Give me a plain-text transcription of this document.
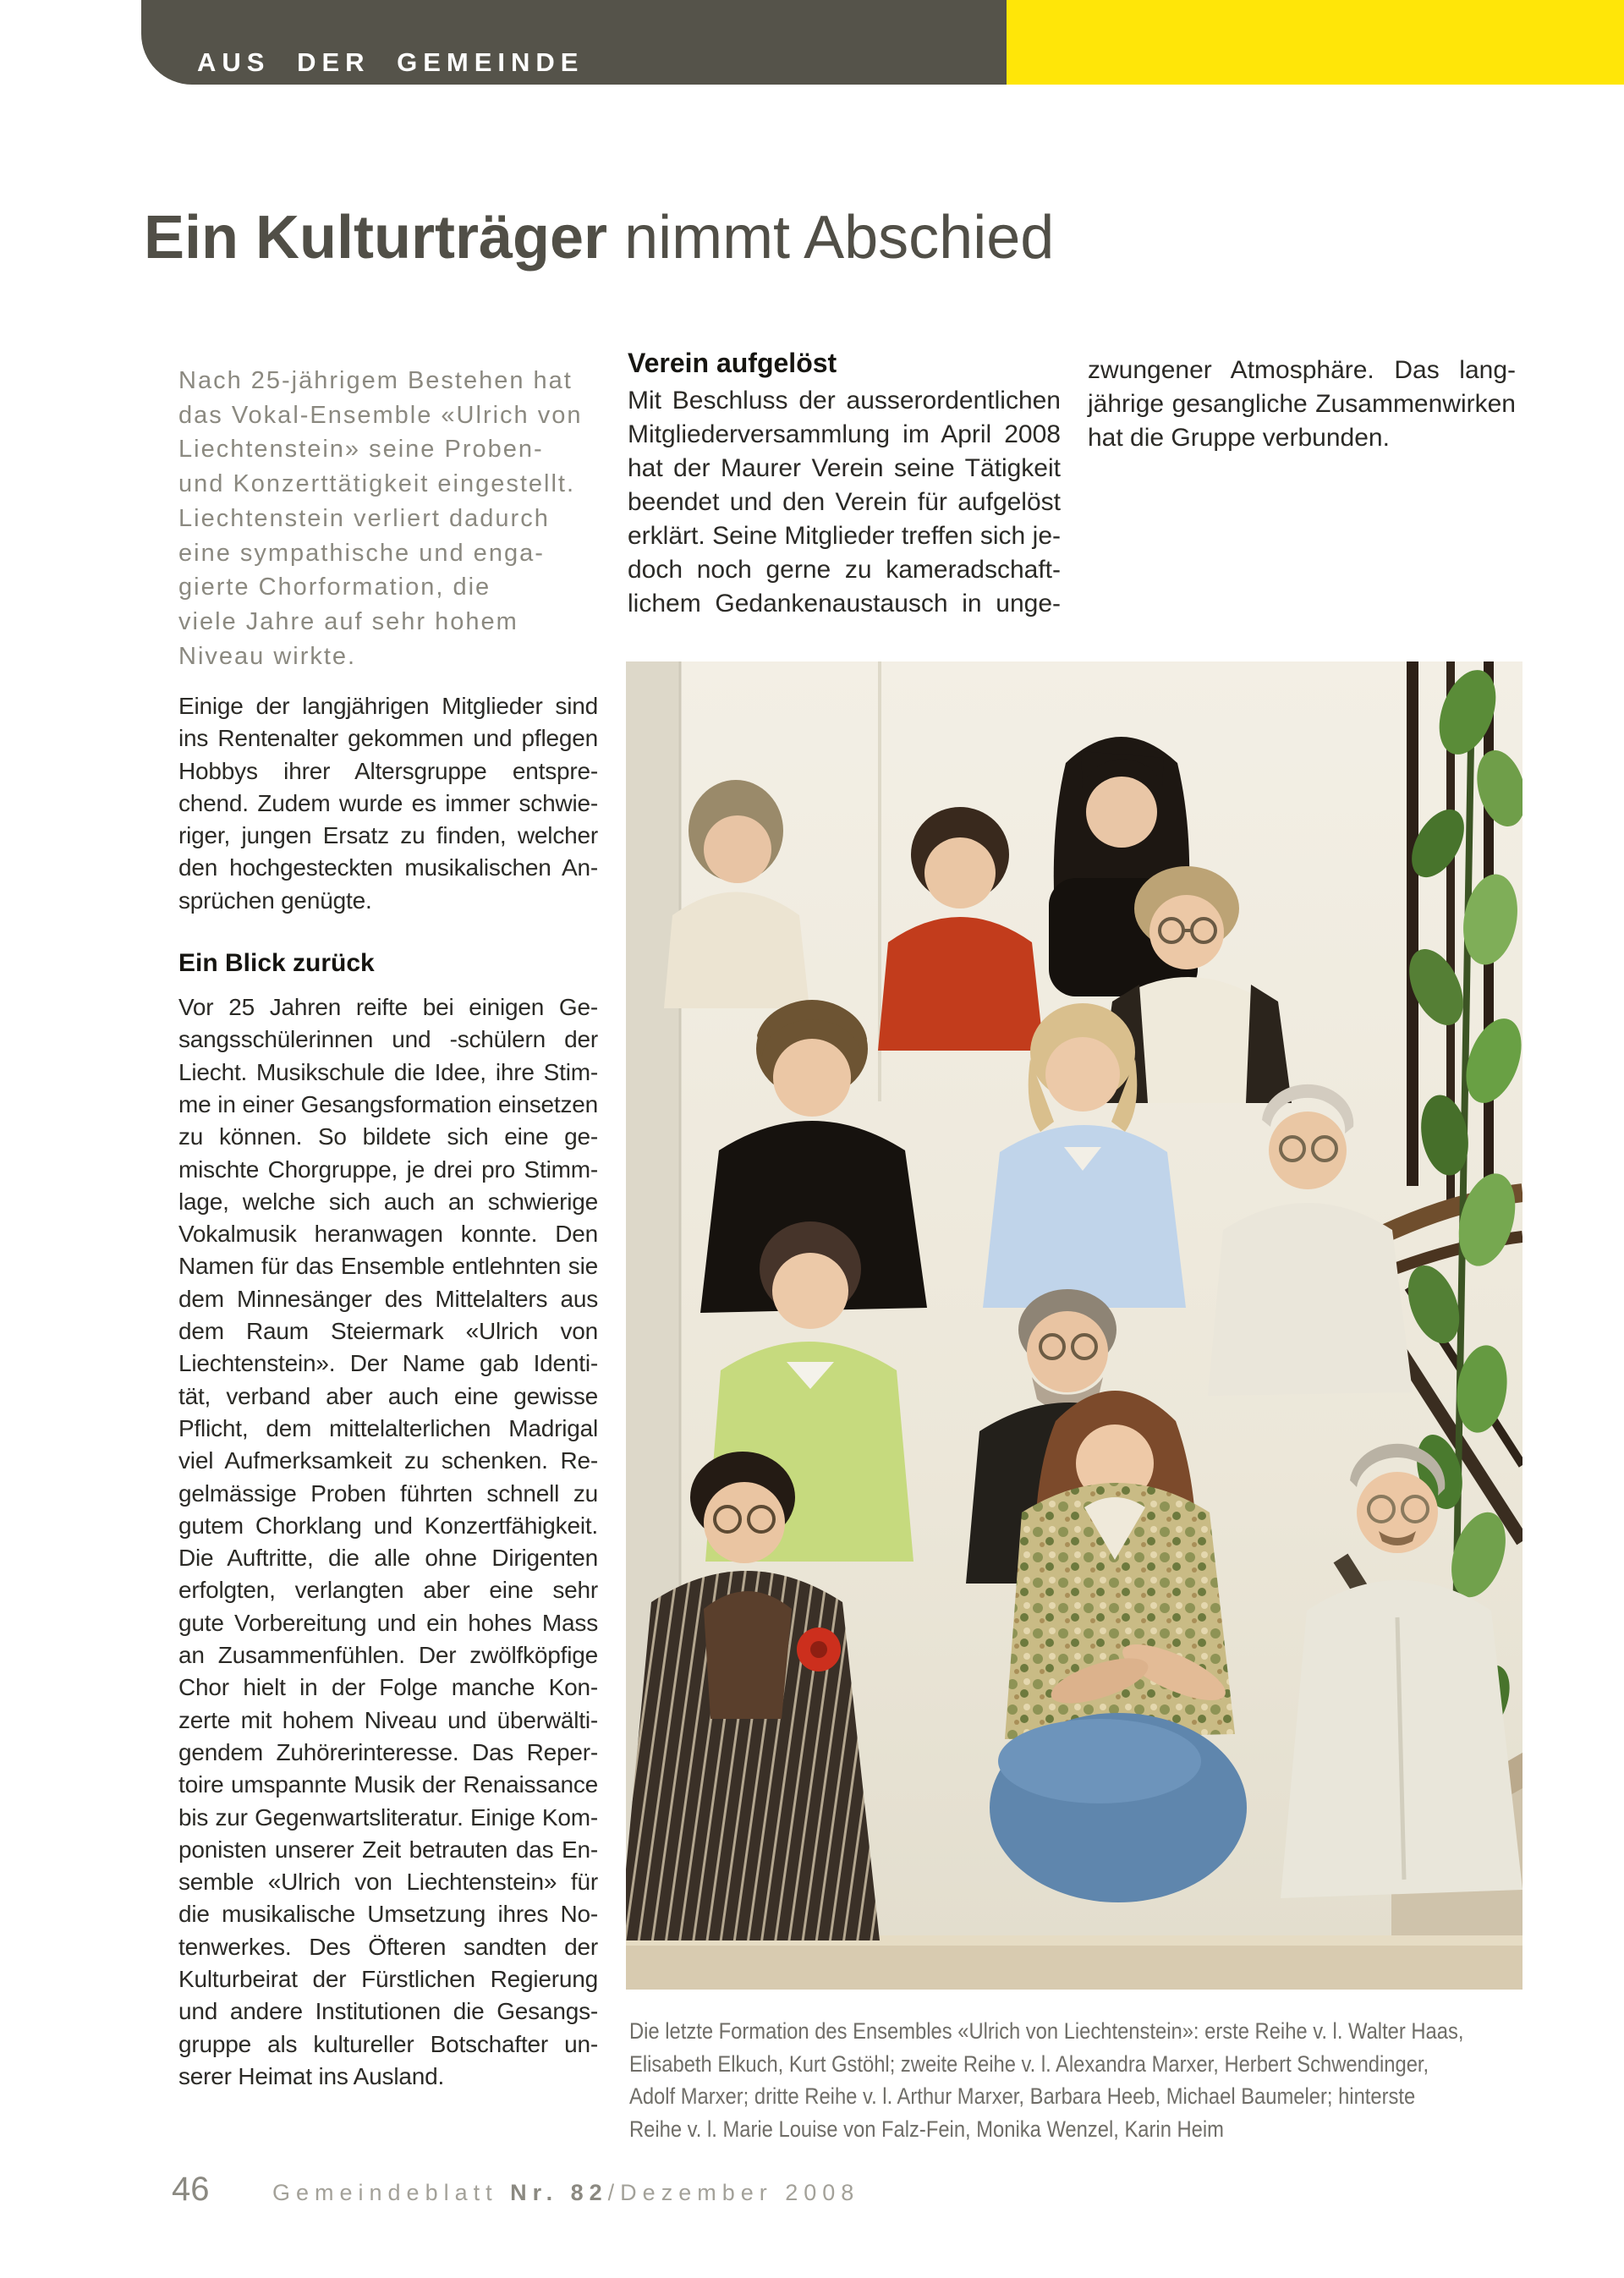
AUS DER GEMEINDE
Ein Kulturträger nimmt Abschied
Nach 25-jährigem Bestehen hat
das Vokal-Ensemble «Ulrich von
Liechtenstein» seine Proben-
und Konzerttätigkeit eingestellt.
Liechtenstein verliert dadurch
eine sympathische und enga-
gierte Chorformation, die
viele Jahre auf sehr hohem
Niveau wirkte.
Einige der langjährigen Mitglieder sind
ins Rentenalter gekommen und pflegen
Hobbys ihrer Altersgruppe entspre-
chend. Zudem wurde es immer schwie-
riger, jungen Ersatz zu finden, welcher
den hochgesteckten musikalischen An-
sprüchen genügte.
Ein Blick zurück
Vor 25 Jahren reifte bei einigen Ge-
sangsschülerinnen und -schülern der
Liecht. Musikschule die Idee, ihre Stim-
me in einer Gesangsformation einsetzen
zu können. So bildete sich eine ge-
mischte Chorgruppe, je drei pro Stimm-
lage, welche sich auch an schwierige
Vokalmusik heranwagen konnte. Den
Namen für das Ensemble entlehnten sie
dem Minnesänger des Mittelalters aus
dem Raum Steiermark «Ulrich von
Liechtenstein». Der Name gab Identi-
tät, verband aber auch eine gewisse
Pflicht, dem mittelalterlichen Madrigal
viel Aufmerksamkeit zu schenken. Re-
gelmässige Proben führten schnell zu
gutem Chorklang und Konzertfähigkeit.
Die Auftritte, die alle ohne Dirigenten
erfolgten, verlangten aber eine sehr
gute Vorbereitung und ein hohes Mass
an Zusammenfühlen. Der zwölfköpfige
Chor hielt in der Folge manche Kon-
zerte mit hohem Niveau und überwälti-
gendem Zuhörerinteresse. Das Reper-
toire umspannte Musik der Renaissance
bis zur Gegenwartsliteratur. Einige Kom-
ponisten unserer Zeit betrauten das En-
semble «Ulrich von Liechtenstein» für
die musikalische Umsetzung ihres No-
tenwerkes. Des Öfteren sandten der
Kulturbeirat der Fürstlichen Regierung
und andere Institutionen die Gesangs-
gruppe als kultureller Botschafter un-
serer Heimat ins Ausland.
Verein aufgelöst
Mit Beschluss der ausserordentlichen
Mitgliederversammlung im April 2008
hat der Maurer Verein seine Tätigkeit
beendet und den Verein für aufgelöst
erklärt. Seine Mitglieder treffen sich je-
doch noch gerne zu kameradschaft-
lichem Gedankenaustausch in unge-
zwungener Atmosphäre. Das lang-
jährige gesangliche Zusammenwirken
hat die Gruppe verbunden.
Die letzte Formation des Ensembles «Ulrich von Liechtenstein»: erste Reihe v. l. Walter Haas,
Elisabeth Elkuch, Kurt Gstöhl; zweite Reihe v. l. Alexandra Marxer, Herbert Schwendinger,
Adolf Marxer; dritte Reihe v. l. Arthur Marxer, Barbara Heeb, Michael Baumeler; hinterste
Reihe v. l. Marie Louise von Falz-Fein, Monika Wenzel, Karin Heim
46	Gemeindeblatt Nr. 82/Dezember 2008
